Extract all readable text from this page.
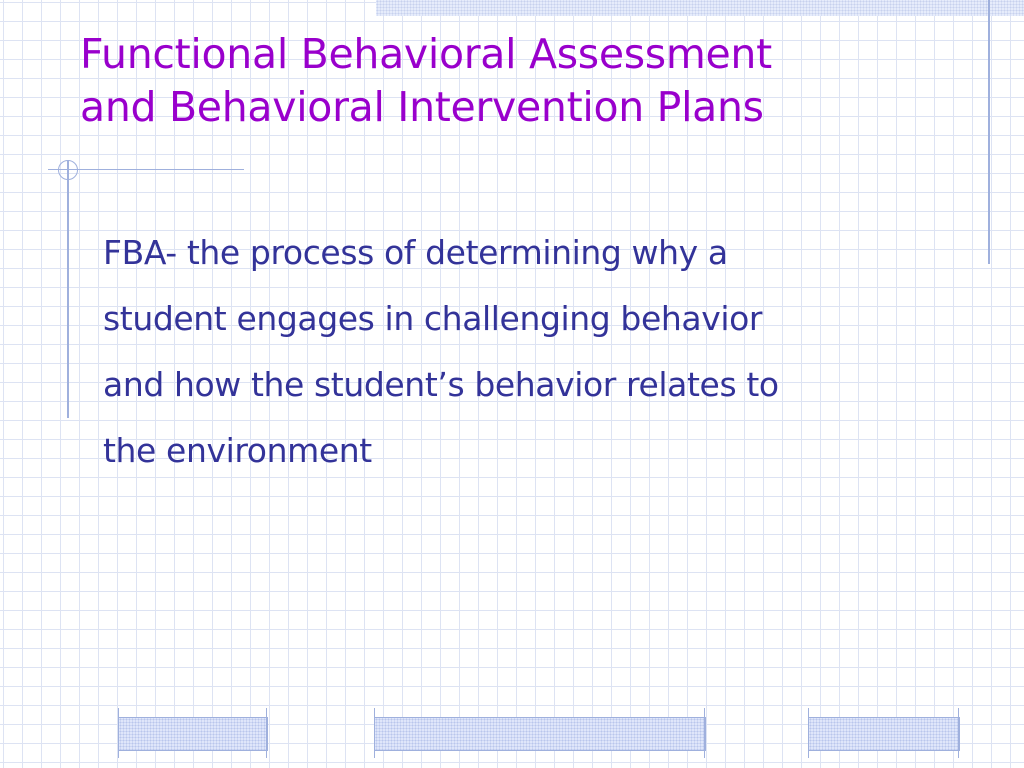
Functional Behavioral Assessment
and Behavioral Intervention Plans
FBA- the process of determining why a
student engages in challenging behavior
and how the student’s behavior relates to
the environment
